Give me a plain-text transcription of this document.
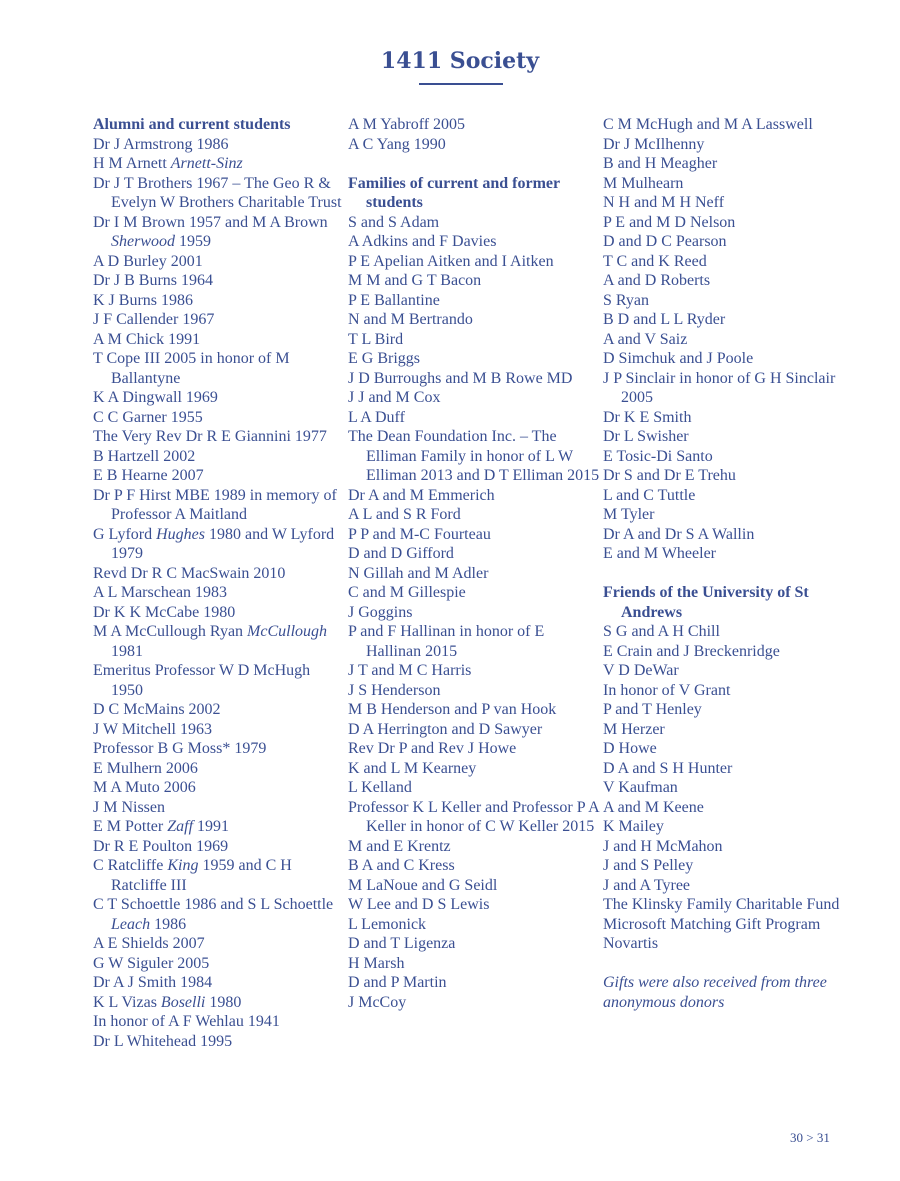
1411 Society
Alumni and current students
Dr J Armstrong 1986
H M Arnett Arnett-Sinz
Dr J T Brothers 1967 – The Geo R & Evelyn W Brothers Charitable Trust
Dr I M Brown 1957 and M A Brown Sherwood 1959
A D Burley 2001
Dr J B Burns 1964
K J Burns 1986
J F Callender 1967
A M Chick 1991
T Cope III 2005 in honor of M Ballantyne
K A Dingwall 1969
C C Garner 1955
The Very Rev Dr R E Giannini 1977
B Hartzell 2002
E B Hearne 2007
Dr P F Hirst MBE 1989 in memory of Professor A Maitland
G Lyford Hughes 1980 and W Lyford 1979
Revd Dr R C MacSwain 2010
A L Marschean 1983
Dr K K McCabe 1980
M A McCullough Ryan McCullough 1981
Emeritus Professor W D McHugh 1950
D C McMains 2002
J W Mitchell 1963
Professor B G Moss* 1979
E Mulhern 2006
M A Muto 2006
J M Nissen
E M Potter Zaff 1991
Dr R E Poulton 1969
C Ratcliffe King 1959 and C H Ratcliffe III
C T Schoettle 1986 and S L Schoettle Leach 1986
A E Shields 2007
G W Siguler 2005
Dr A J Smith 1984
K L Vizas Boselli 1980
In honor of A F Wehlau 1941
Dr L Whitehead 1995
A M Yabroff 2005
A C Yang 1990
Families of current and former students
S and S Adam
A Adkins and F Davies
P E Apelian Aitken and I Aitken
M M and G T Bacon
P E Ballantine
N and M Bertrando
T L Bird
E G Briggs
J D Burroughs and M B Rowe MD
J J and M Cox
L A Duff
The Dean Foundation Inc. – The Elliman Family in honor of L W Elliman 2013 and D T Elliman 2015
Dr A and M Emmerich
A L and S R Ford
P P and M-C Fourteau
D and D Gifford
N Gillah and M Adler
C and M Gillespie
J Goggins
P and F Hallinan in honor of E Hallinan 2015
J T and M C Harris
J S Henderson
M B Henderson and P van Hook
D A Herrington and D Sawyer
Rev Dr P and Rev J Howe
K and L M Kearney
L Kelland
Professor K L Keller and Professor P A Keller in honor of C W Keller 2015
M and E Krentz
B A and C Kress
M LaNoue and G Seidl
W Lee and D S Lewis
L Lemonick
D and T Ligenza
H Marsh
D and P Martin
J McCoy
C M McHugh and M A Lasswell
Dr J McIlhenny
B and H Meagher
M Mulhearn
N H and M H Neff
P E and M D Nelson
D and D C Pearson
T C and K Reed
A and D Roberts
S Ryan
B D and L L Ryder
A and V Saiz
D Simchuk and J Poole
J P Sinclair in honor of G H Sinclair 2005
Dr K E Smith
Dr L Swisher
E Tosic-Di Santo
Dr S and Dr E Trehu
L and C Tuttle
M Tyler
Dr A and Dr S A Wallin
E and M Wheeler
Friends of the University of St Andrews
S G and A H Chill
E Crain and J Breckenridge
V D DeWar
In honor of V Grant
P and T Henley
M Herzer
D Howe
D A and S H Hunter
V Kaufman
A and M Keene
K Mailey
J and H McMahon
J and S Pelley
J and A Tyree
The Klinsky Family Charitable Fund
Microsoft Matching Gift Program
Novartis
Gifts were also received from three anonymous donors
30 > 31
